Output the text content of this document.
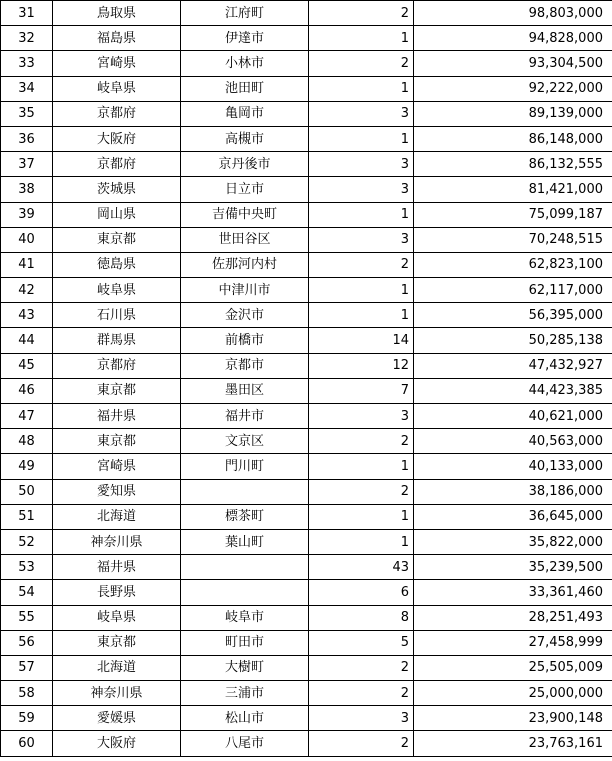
31	鳥取県	江府町	2	98,803,000
32	福島県	伊達市	1	94,828,000
33	宮崎県	小林市	2	93,304,500
34	岐阜県	池田町	1	92,222,000
35	京都府	亀岡市	3	89,139,000
36	大阪府	高槻市	1	86,148,000
37	京都府	京丹後市	3	86,132,555
38	茨城県	日立市	3	81,421,000
39	岡山県	吉備中央町	1	75,099,187
40	東京都	世田谷区	3	70,248,515
41	徳島県	佐那河内村	2	62,823,100
42	岐阜県	中津川市	1	62,117,000
43	石川県	金沢市	1	56,395,000
44	群馬県	前橋市	14	50,285,138
45	京都府	京都市	12	47,432,927
46	東京都	墨田区	7	44,423,385
47	福井県	福井市	3	40,621,000
48	東京都	文京区	2	40,563,000
49	宮崎県	門川町	1	40,133,000
50	愛知県		2	38,186,000
51	北海道	標茶町	1	36,645,000
52	神奈川県	葉山町	1	35,822,000
53	福井県		43	35,239,500
54	長野県		6	33,361,460
55	岐阜県	岐阜市	8	28,251,493
56	東京都	町田市	5	27,458,999
57	北海道	大樹町	2	25,505,009
58	神奈川県	三浦市	2	25,000,000
59	愛媛県	松山市	3	23,900,148
60	大阪府	八尾市	2	23,763,161
